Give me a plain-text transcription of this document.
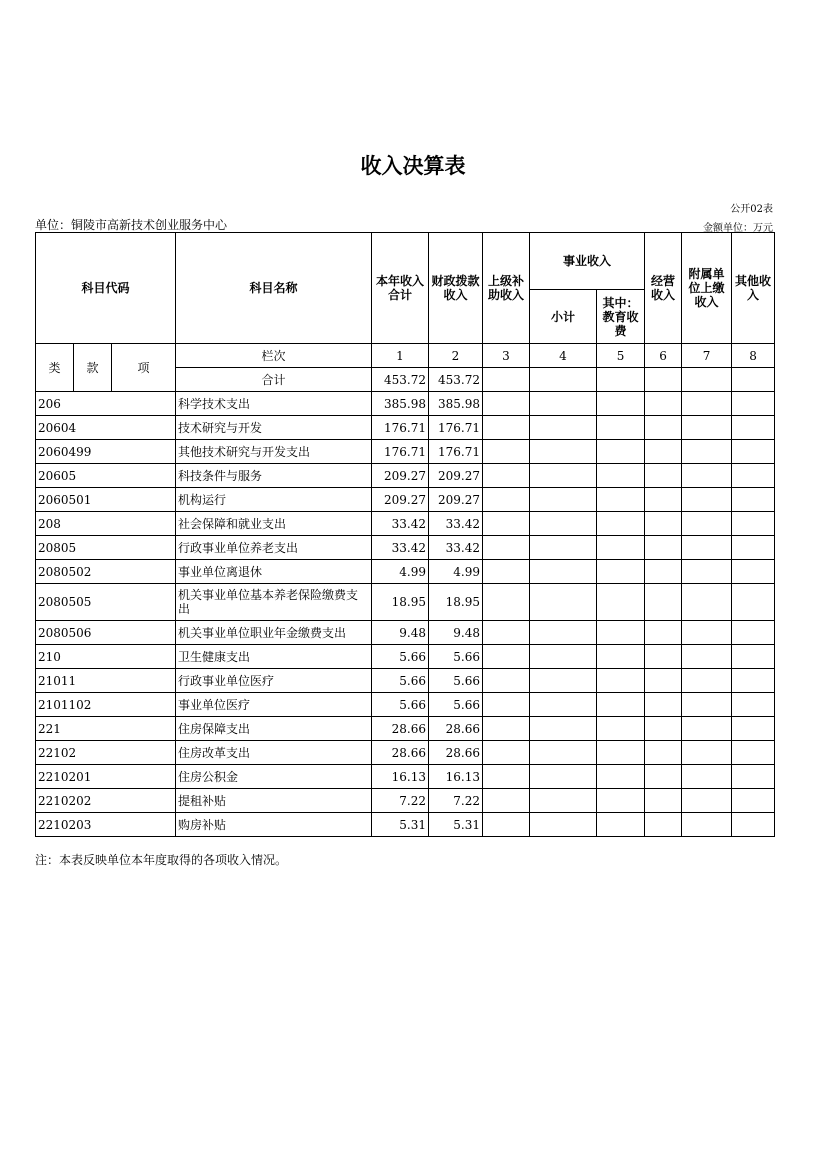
收入决算表
公开02表
单位：铜陵市高新技术创业服务中心	金额单位：万元
科目代码			科目名称	本年收入合计	财政拨款收入	上级补助收入	事业收入		经营收入	附属单位上缴收入	其他收入
							小计	其中：教育收费			
类	款	项	栏次	1	2	3	4	5	6	7	8
			合计	453.72	453.72						
206			科学技术支出	385.98	385.98						
20604			技术研究与开发	176.71	176.71						
2060499			其他技术研究与开发支出	176.71	176.71						
20605			科技条件与服务	209.27	209.27						
2060501			机构运行	209.27	209.27						
208			社会保障和就业支出	33.42	33.42						
20805			行政事业单位养老支出	33.42	33.42						
2080502			事业单位离退休	4.99	4.99						
2080505			机关事业单位基本养老保险缴费支出	18.95	18.95						
2080506			机关事业单位职业年金缴费支出	9.48	9.48						
210			卫生健康支出	5.66	5.66						
21011			行政事业单位医疗	5.66	5.66						
2101102			事业单位医疗	5.66	5.66						
221			住房保障支出	28.66	28.66						
22102			住房改革支出	28.66	28.66						
2210201			住房公积金	16.13	16.13						
2210202			提租补贴	7.22	7.22						
2210203			购房补贴	5.31	5.31						
注：本表反映单位本年度取得的各项收入情况。
